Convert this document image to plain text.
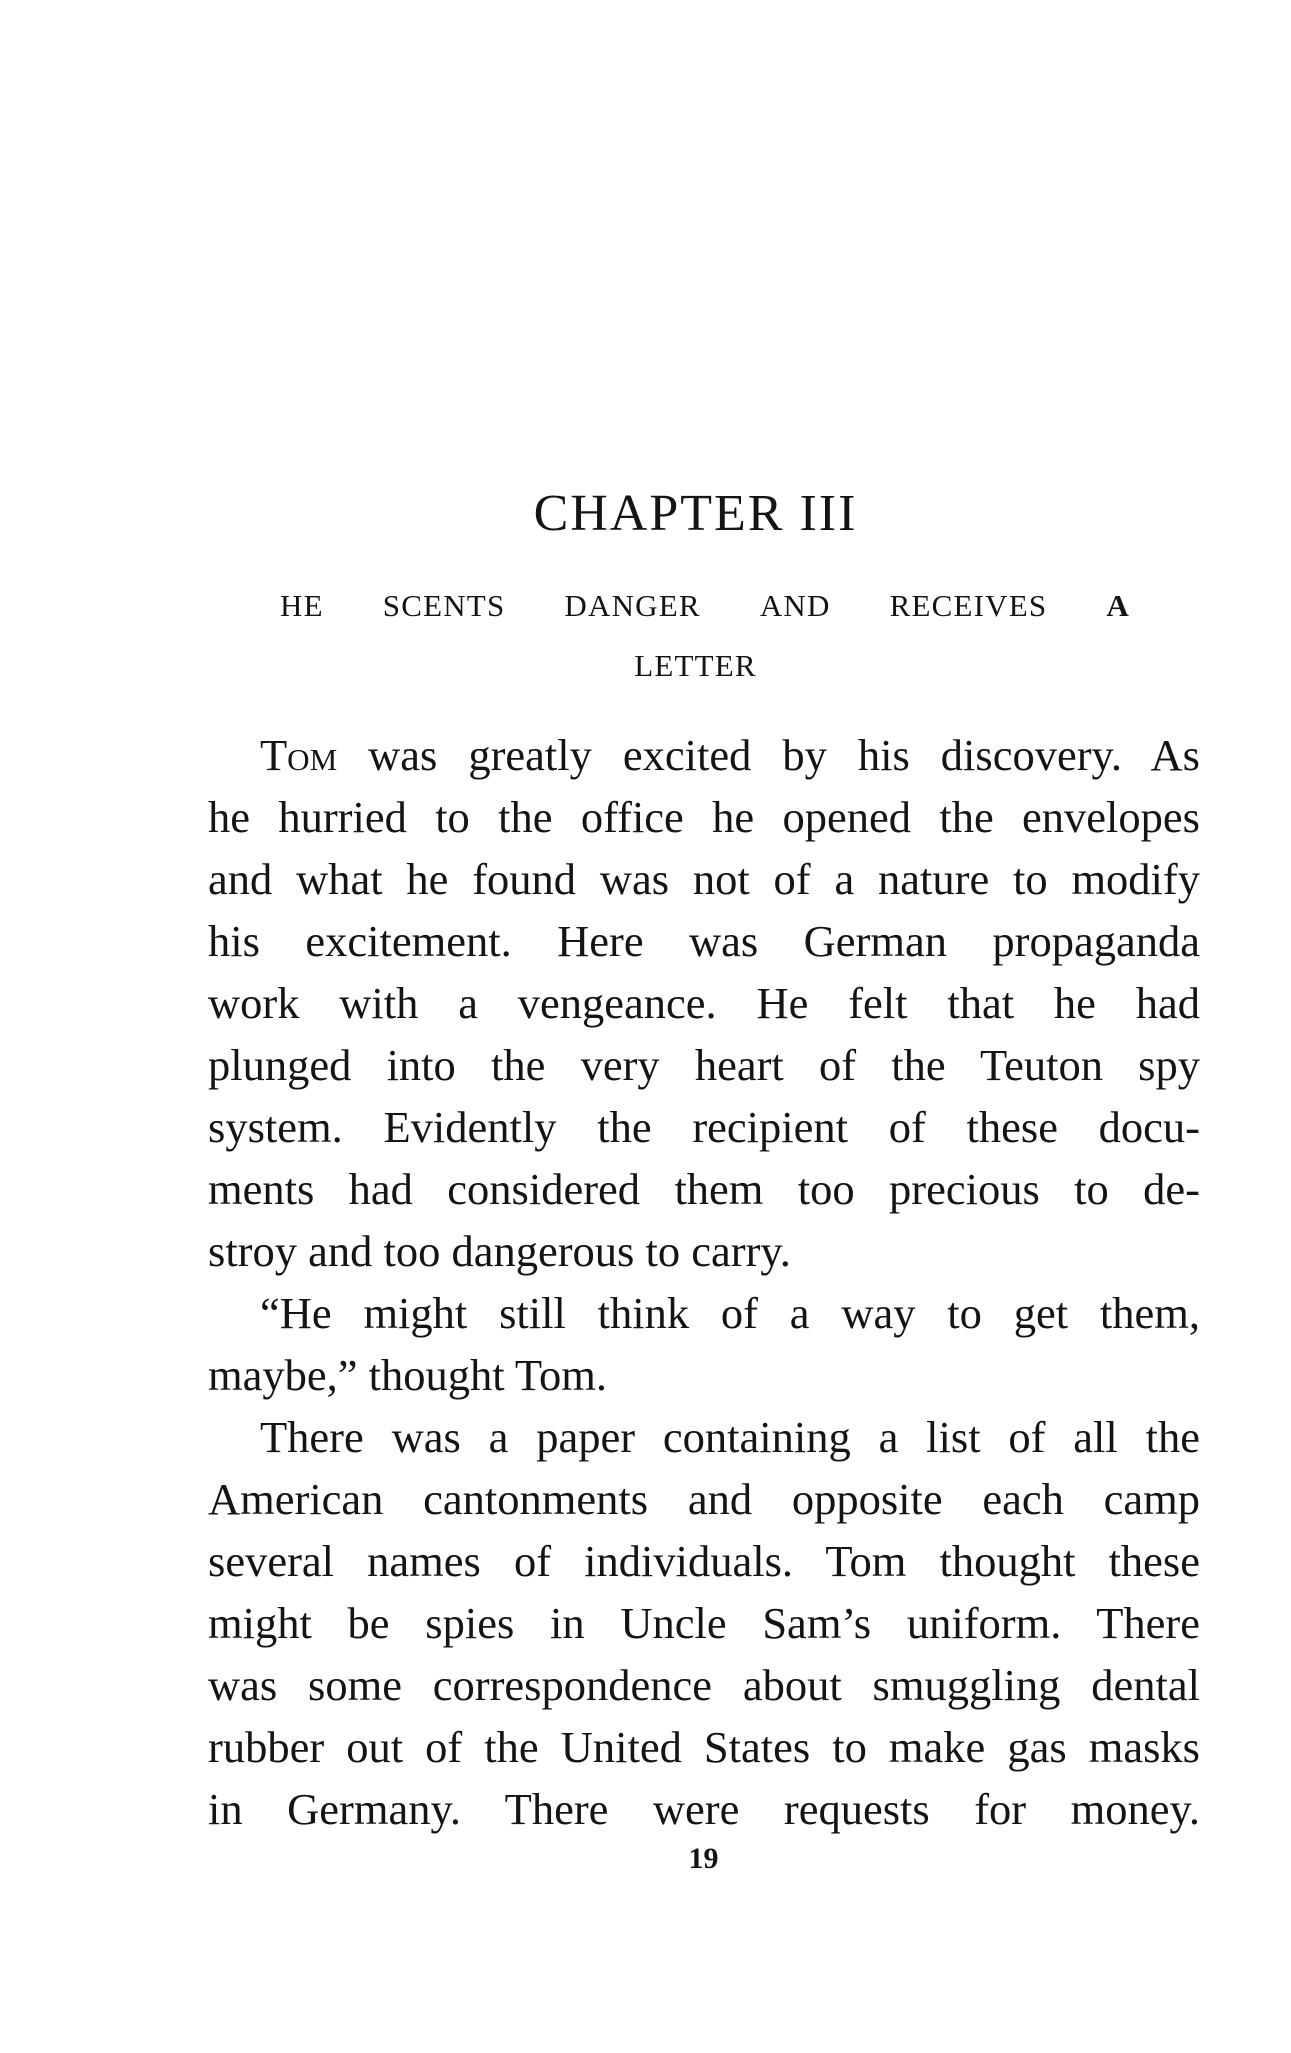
CHAPTER III
HE SCENTS DANGER AND RECEIVES A
LETTER
Tom was greatly excited by his discovery. As
he hurried to the office he opened the envelopes
and what he found was not of a nature to modify
his excitement. Here was German propaganda
work with a vengeance. He felt that he had
plunged into the very heart of the Teuton spy
system. Evidently the recipient of these docu-
ments had considered them too precious to de-
stroy and too dangerous to carry.
“He might still think of a way to get them,
maybe,” thought Tom.
There was a paper containing a list of all the
American cantonments and opposite each camp
several names of individuals. Tom thought these
might be spies in Uncle Sam’s uniform. There
was some correspondence about smuggling dental
rubber out of the United States to make gas masks
in Germany. There were requests for money.
19
